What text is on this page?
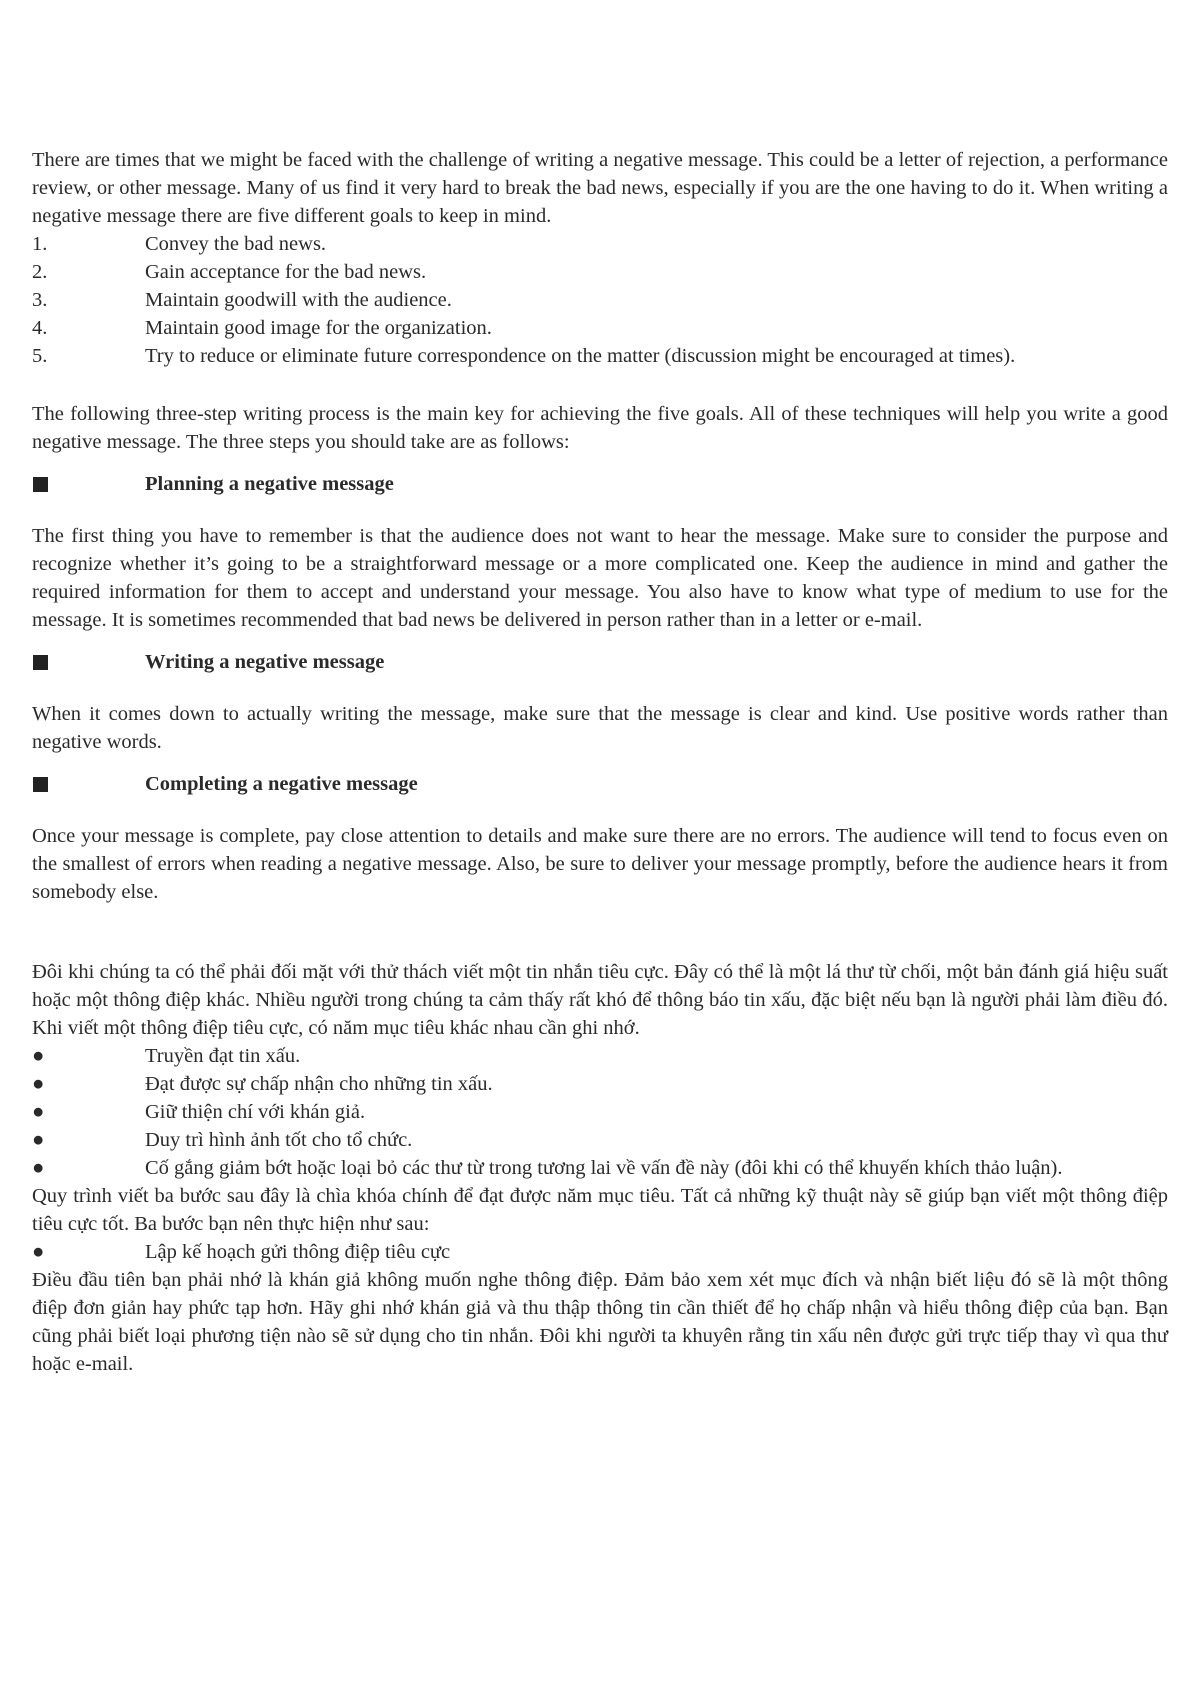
There are times that we might be faced with the challenge of writing a negative message. This could be a letter of rejection, a performance review, or other message. Many of us find it very hard to break the bad news, especially if you are the one having to do it. When writing a negative message there are five different goals to keep in mind.

1.	Convey the bad news.
2.	Gain acceptance for the bad news.
3.	Maintain goodwill with the audience.
4.	Maintain good image for the organization.
5.	Try to reduce or eliminate future correspondence on the matter (discussion might be encouraged at times).

The following three-step writing process is the main key for achieving the five goals. All of these techniques will help you write a good negative message. The three steps you should take are as follows:

Planning a negative message

The first thing you have to remember is that the audience does not want to hear the message. Make sure to consider the purpose and recognize whether it’s going to be a straightforward message or a more complicated one. Keep the audience in mind and gather the required information for them to accept and understand your message. You also have to know what type of medium to use for the message. It is sometimes recommended that bad news be delivered in person rather than in a letter or e-mail.

Writing a negative message

When it comes down to actually writing the message, make sure that the message is clear and kind. Use positive words rather than negative words.

Completing a negative message

Once your message is complete, pay close attention to details and make sure there are no errors. The audience will tend to focus even on the smallest of errors when reading a negative message. Also, be sure to deliver your message promptly, before the audience hears it from somebody else.

Đôi khi chúng ta có thể phải đối mặt với thử thách viết một tin nhắn tiêu cực. Đây có thể là một lá thư từ chối, một bản đánh giá hiệu suất hoặc một thông điệp khác. Nhiều người trong chúng ta cảm thấy rất khó để thông báo tin xấu, đặc biệt nếu bạn là người phải làm điều đó. Khi viết một thông điệp tiêu cực, có năm mục tiêu khác nhau cần ghi nhớ.

●	Truyền đạt tin xấu.
●	Đạt được sự chấp nhận cho những tin xấu.
●	Giữ thiện chí với khán giả.
●	Duy trì hình ảnh tốt cho tổ chức.
●	Cố gắng giảm bớt hoặc loại bỏ các thư từ trong tương lai về vấn đề này (đôi khi có thể khuyến khích thảo luận).

Quy trình viết ba bước sau đây là chìa khóa chính để đạt được năm mục tiêu. Tất cả những kỹ thuật này sẽ giúp bạn viết một thông điệp tiêu cực tốt. Ba bước bạn nên thực hiện như sau:

●	Lập kế hoạch gửi thông điệp tiêu cực

Điều đầu tiên bạn phải nhớ là khán giả không muốn nghe thông điệp. Đảm bảo xem xét mục đích và nhận biết liệu đó sẽ là một thông điệp đơn giản hay phức tạp hơn. Hãy ghi nhớ khán giả và thu thập thông tin cần thiết để họ chấp nhận và hiểu thông điệp của bạn. Bạn cũng phải biết loại phương tiện nào sẽ sử dụng cho tin nhắn. Đôi khi người ta khuyên rằng tin xấu nên được gửi trực tiếp thay vì qua thư hoặc e-mail.
